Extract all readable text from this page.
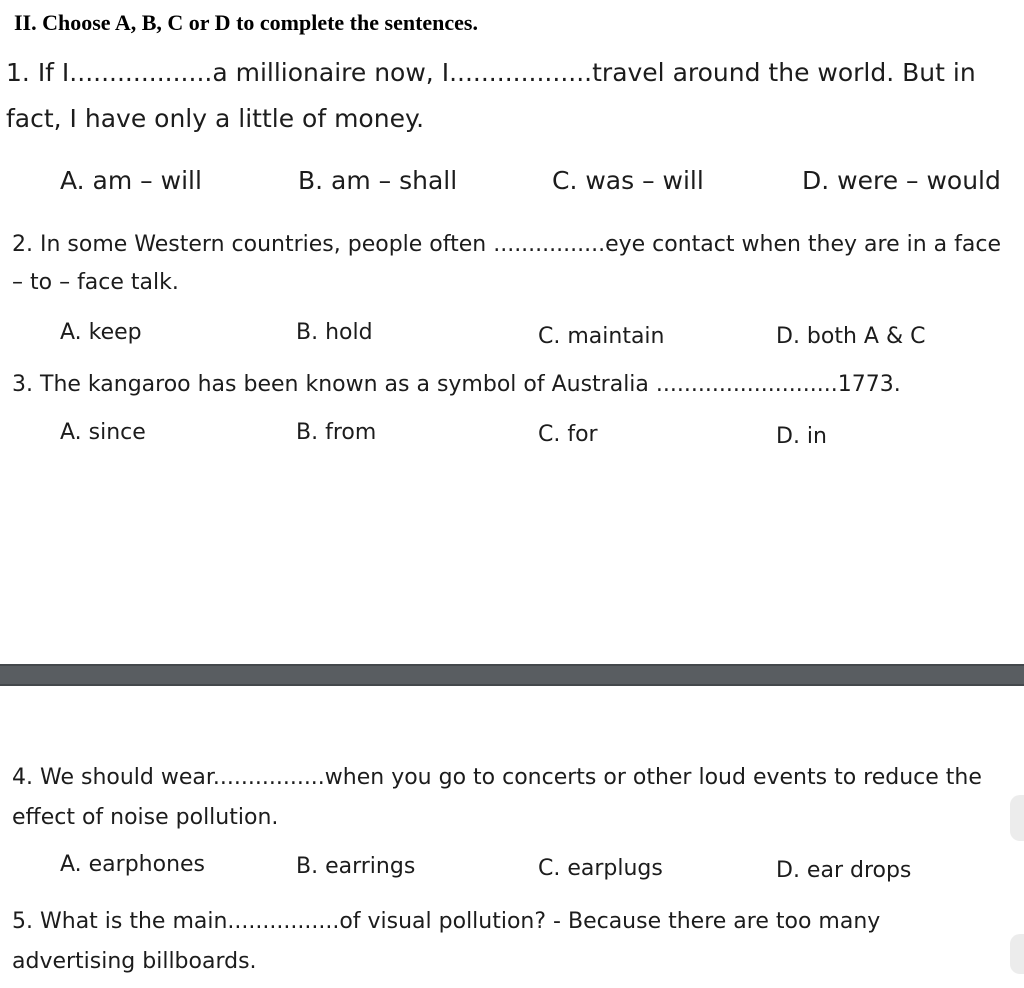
II. Choose A, B, C or D to complete the sentences.
1. If I..................a millionaire now, I..................travel around the world. But in fact, I have only a little of money.
A. am – will	B. am – shall	C. was – will	D. were – would
2. In some Western countries, people often ................eye contact when they are in a face – to – face talk.
A. keep	B. hold	C. maintain	D. both A & C
3. The kangaroo has been known as a symbol of Australia ..........................1773.
A. since	B. from	C. for	D. in
4. We should wear................when you go to concerts or other loud events to reduce the effect of noise pollution.
A. earphones	B. earrings	C. earplugs	D. ear drops
5. What is the main................of visual pollution? - Because there are too many advertising billboards.
